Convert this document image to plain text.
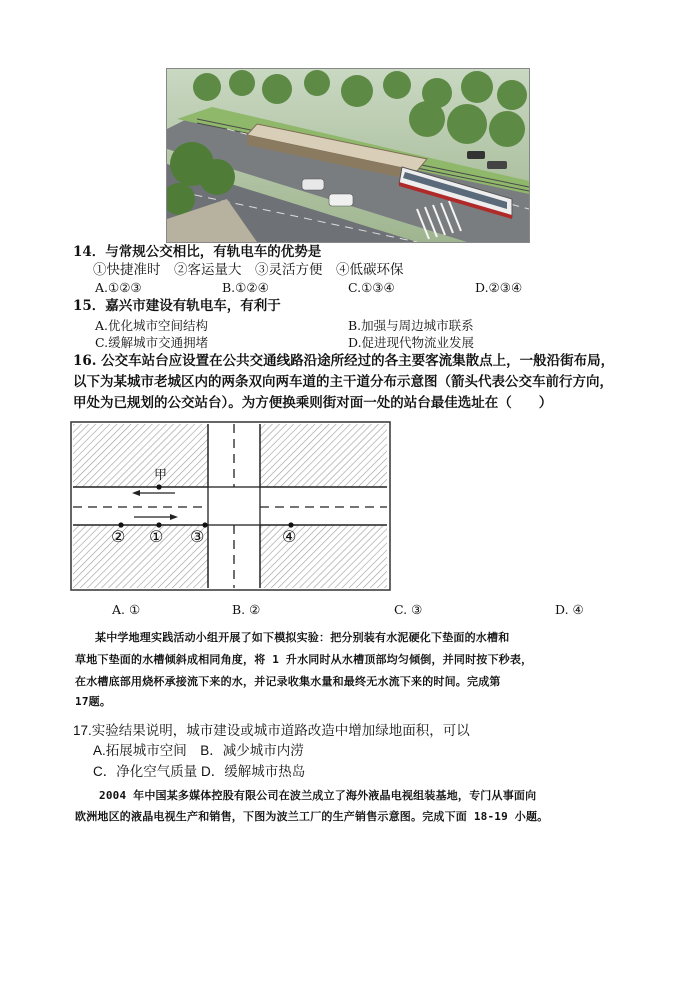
14．与常规公交相比，有轨电车的优势是
①快捷准时　②客运量大　③灵活方便　④低碳环保
A.①②③	B.①②④	C.①③④	D.②③④
15．嘉兴市建设有轨电车，有利于
A.优化城市空间结构	B.加强与周边城市联系
C.缓解城市交通拥堵	D.促进现代物流业发展
16. 公交车站台应设置在公共交通线路沿途所经过的各主要客流集散点上，一般沿街布局，
以下为某城市老城区内的两条双向两车道的主干道分布示意图（箭头代表公交车前行方向，
甲处为已规划的公交站台）。为方便换乘则街对面一处的站台最佳选址在（　　）
甲
② ① ③	④
A. ①	B. ②	C. ③	D. ④
某中学地理实践活动小组开展了如下模拟实验：把分别装有水泥硬化下垫面的水槽和
草地下垫面的水槽倾斜成相同角度，将 1 升水同时从水槽顶部均匀倾倒，并同时按下秒表，
在水槽底部用烧杯承接流下来的水，并记录收集水量和最终无水流下来的时间。完成第
17题。
17.实验结果说明，城市建设或城市道路改造中增加绿地面积，可以
A.拓展城市空间　B．减少城市内涝
C．净化空气质量 D．缓解城市热岛
2004 年中国某多媒体控股有限公司在波兰成立了海外液晶电视组装基地，专门从事面向
欧洲地区的液晶电视生产和销售，下图为波兰工厂的生产销售示意图。完成下面 18-19 小题。
